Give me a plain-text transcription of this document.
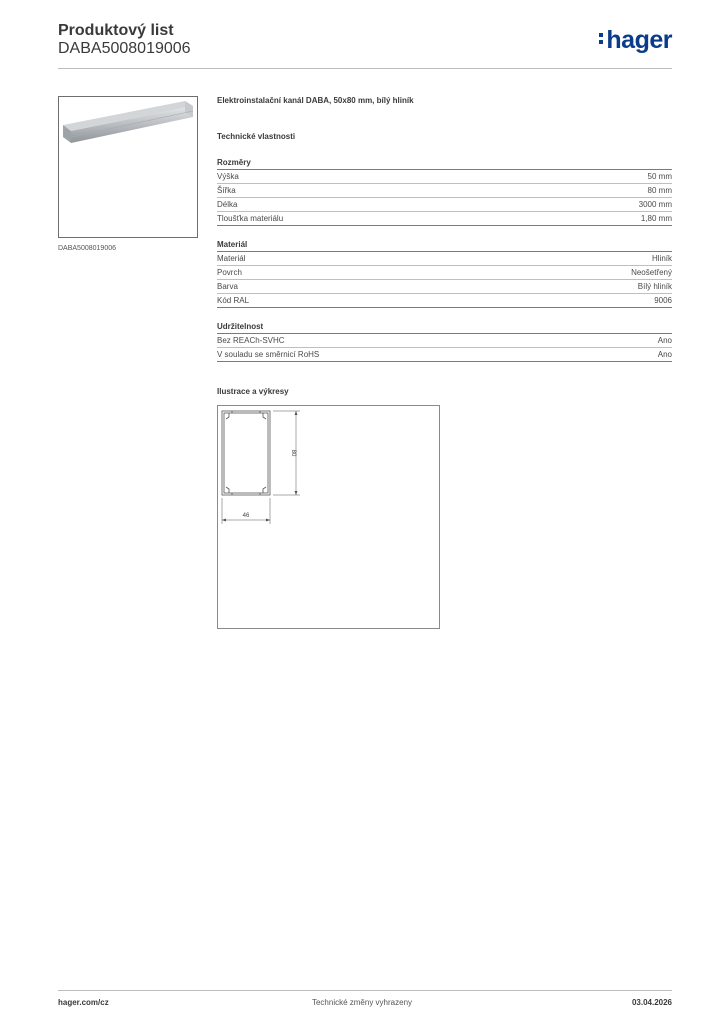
Produktový list
DABA5008019006	hager
DABA5008019006
Elektroinstalační kanál DABA, 50x80 mm, bílý hliník
Technické vlastnosti
Rozměry
Výška	50 mm
Šířka	80 mm
Délka	3000 mm
Tloušťka materiálu	1,80 mm
Materiál
Materiál	Hliník
Povrch	Neošetřený
Barva	Bílý hliník
Kód RAL	9006
Udržitelnost
Bez REACh-SVHC	Ano
V souladu se směrnicí RoHS	Ano
Ilustrace a výkresy
80
46
hager.com/cz	Technické změny vyhrazeny	03.04.2026
